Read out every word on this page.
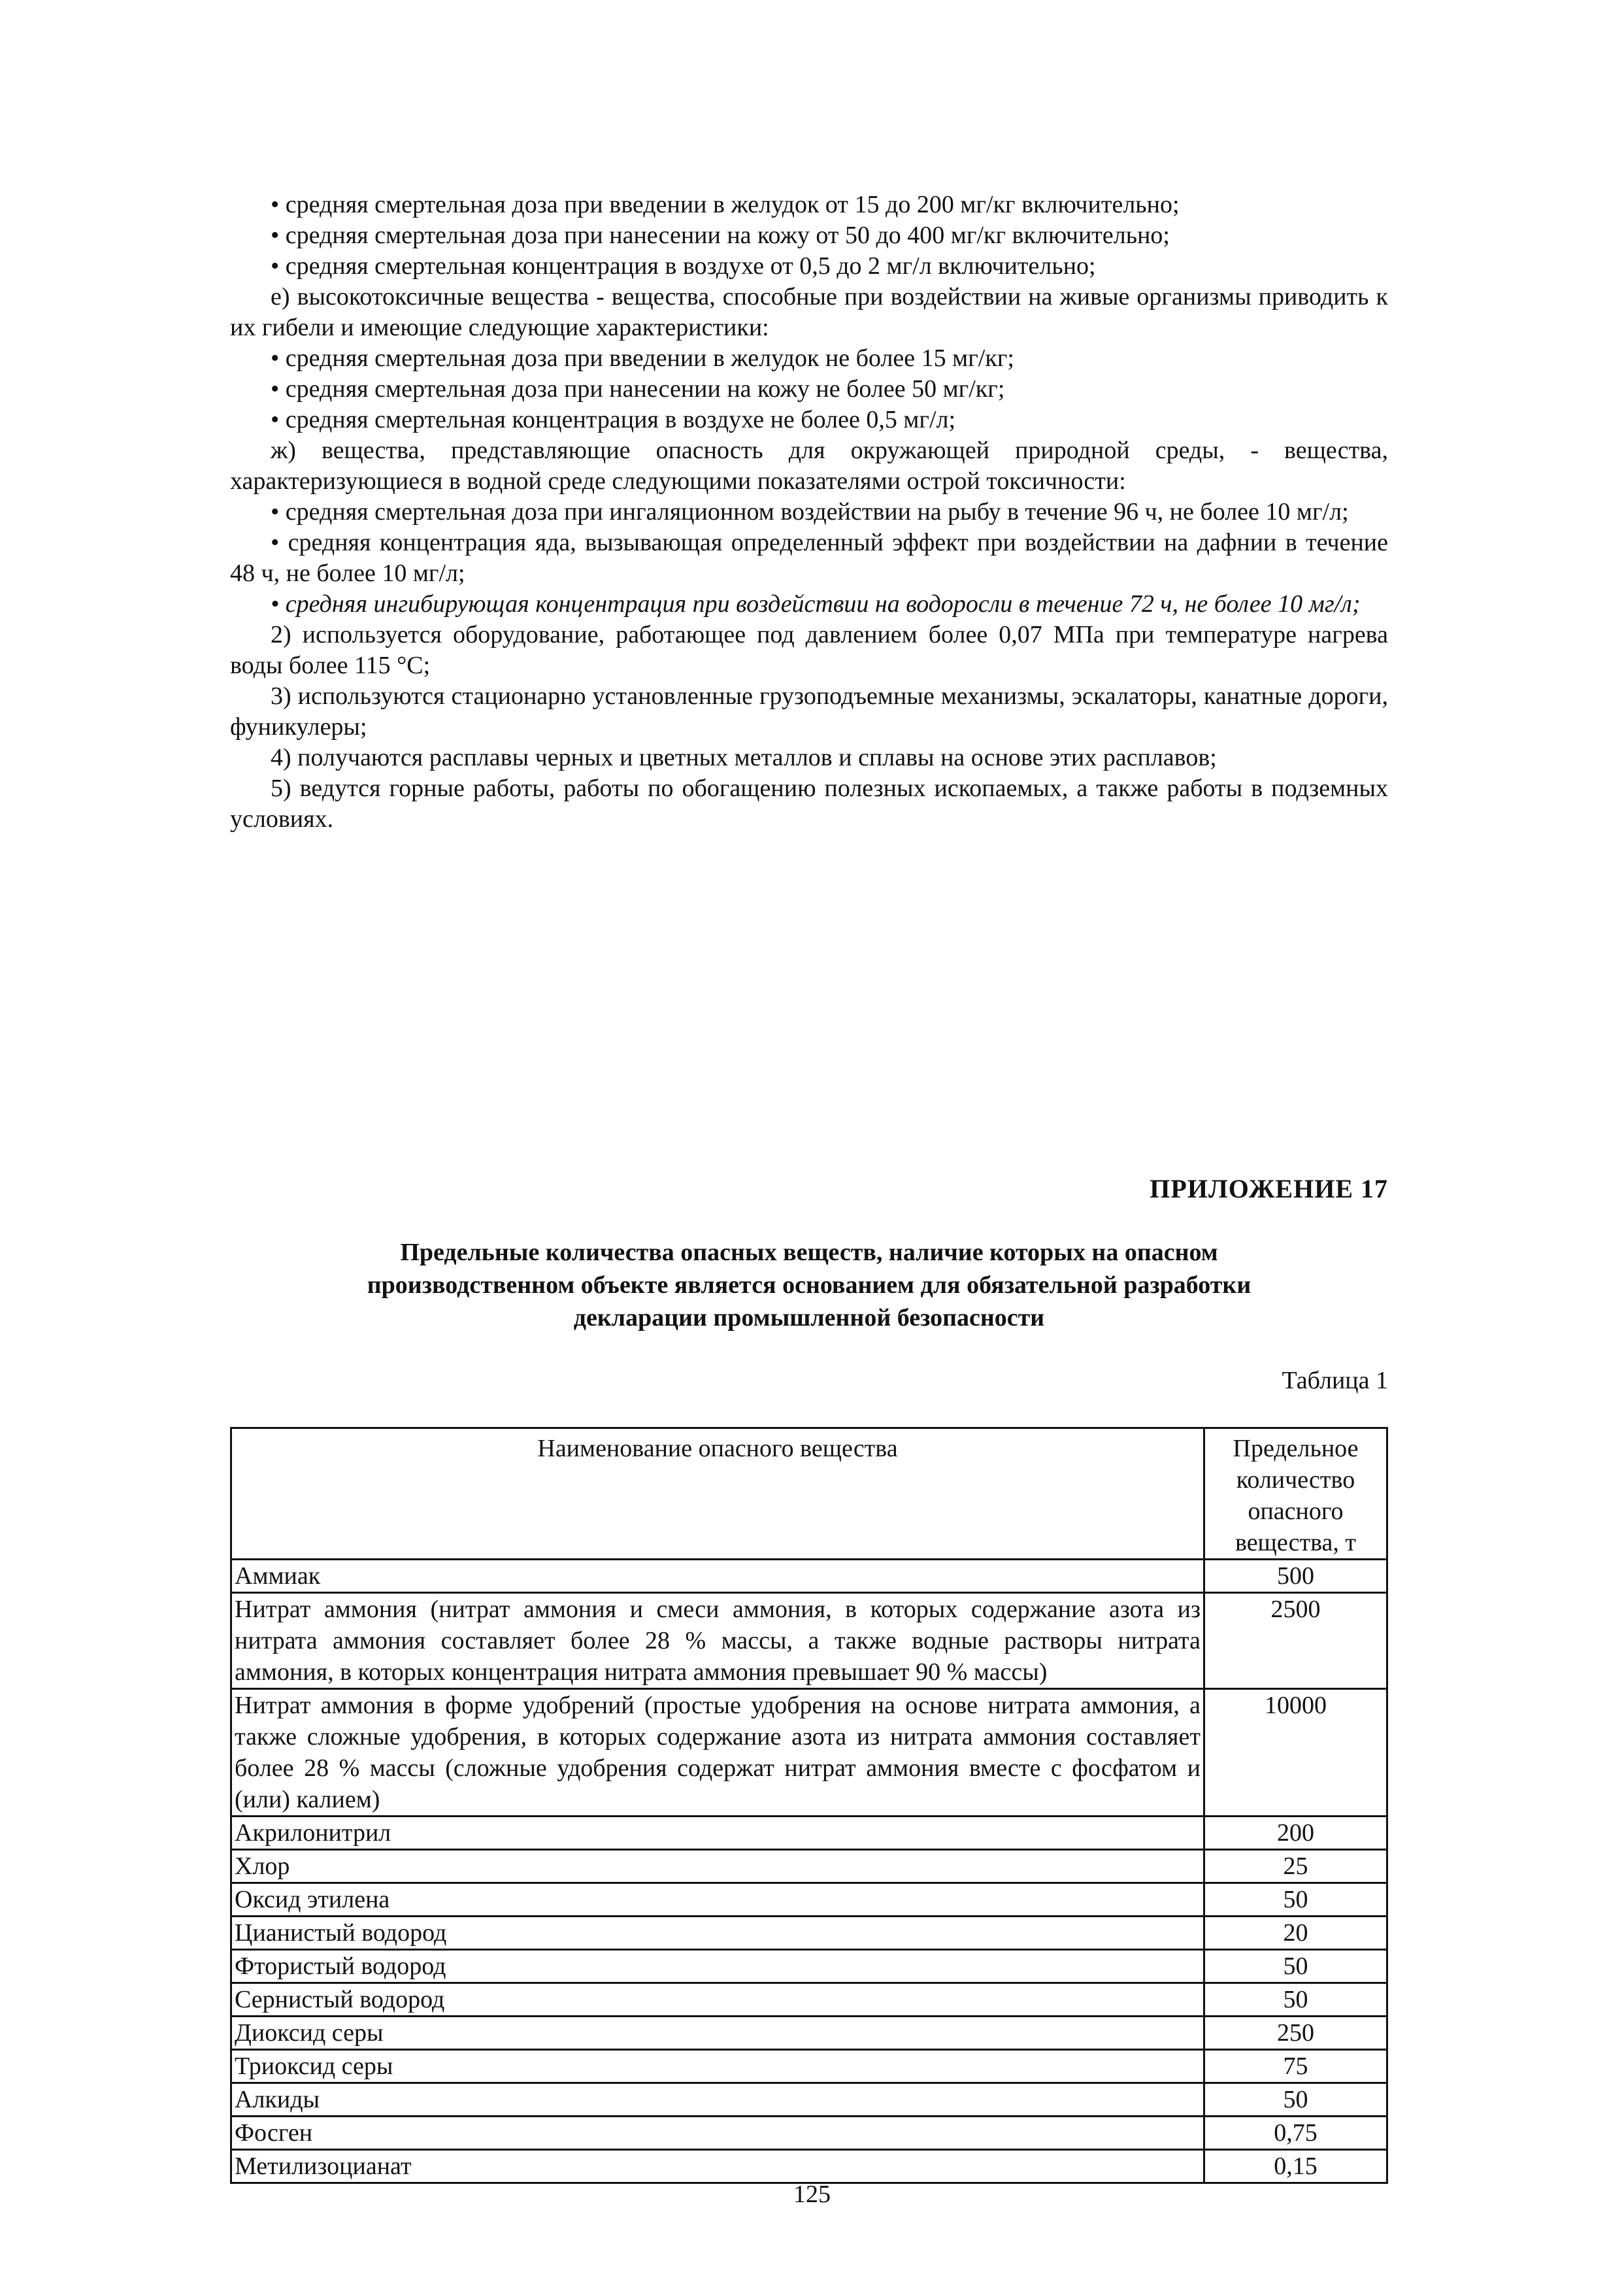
• средняя смертельная доза при введении в желудок от 15 до 200 мг/кг включительно;

• средняя смертельная доза при нанесении на кожу от 50 до 400 мг/кг включительно;

• средняя смертельная концентрация в воздухе от 0,5 до 2 мг/л включительно;

е) высокотоксичные вещества - вещества, способные при воздействии на живые организмы приводить к их гибели и имеющие следующие характеристики:

• средняя смертельная доза при введении в желудок не более 15 мг/кг;

• средняя смертельная доза при нанесении на кожу не более 50 мг/кг;

• средняя смертельная концентрация в воздухе не более 0,5 мг/л;

ж) вещества, представляющие опасность для окружающей природной среды, - вещества, характеризующиеся в водной среде следующими показателями острой токсичности:

• средняя смертельная доза при ингаляционном воздействии на рыбу в течение 96 ч, не более 10 мг/л;

• средняя концентрация яда, вызывающая определенный эффект при воздействии на дафнии в течение 48 ч, не более 10 мг/л;

• средняя ингибирующая концентрация при воздействии на водоросли в течение 72 ч, не более 10 мг/л;

2) используется оборудование, работающее под давлением более 0,07 МПа при температуре нагрева воды более 115 °С;

3) используются стационарно установленные грузоподъемные механизмы, эскалаторы, канатные дороги, фуникулеры;

4) получаются расплавы черных и цветных металлов и сплавы на основе этих расплавов;

5) ведутся горные работы, работы по обогащению полезных ископаемых, а также работы в подземных условиях.

ПРИЛОЖЕНИЕ 17
Предельные количества опасных веществ, наличие которых на опасном
производственном объекте является основанием для обязательной разработки
декларации промышленной безопасности
Таблица 1
Наименование опасного вещества	Предельное
количество
опасного
вещества, т

Аммиак	500
Нитрат аммония (нитрат аммония и смеси аммония, в которых содержание азота из нитрата аммония составляет более 28 % массы, а также водные растворы нитрата аммония, в которых концентрация нитрата аммония превышает 90 % массы)	2500
Нитрат аммония в форме удобрений (простые удобрения на основе нитрата аммония, а также сложные удобрения, в которых содержание азота из нитрата аммония составляет более 28 % массы (сложные удобрения содержат нитрат аммония вместе с фосфатом и (или) калием)	10000
Акрилонитрил	200
Хлор	25
Оксид этилена	50
Цианистый водород	20
Фтористый водород	50
Сернистый водород	50
Диоксид серы	250
Триоксид серы	75
Алкиды	50
Фосген	0,75
Метилизоцианат	0,15
125
